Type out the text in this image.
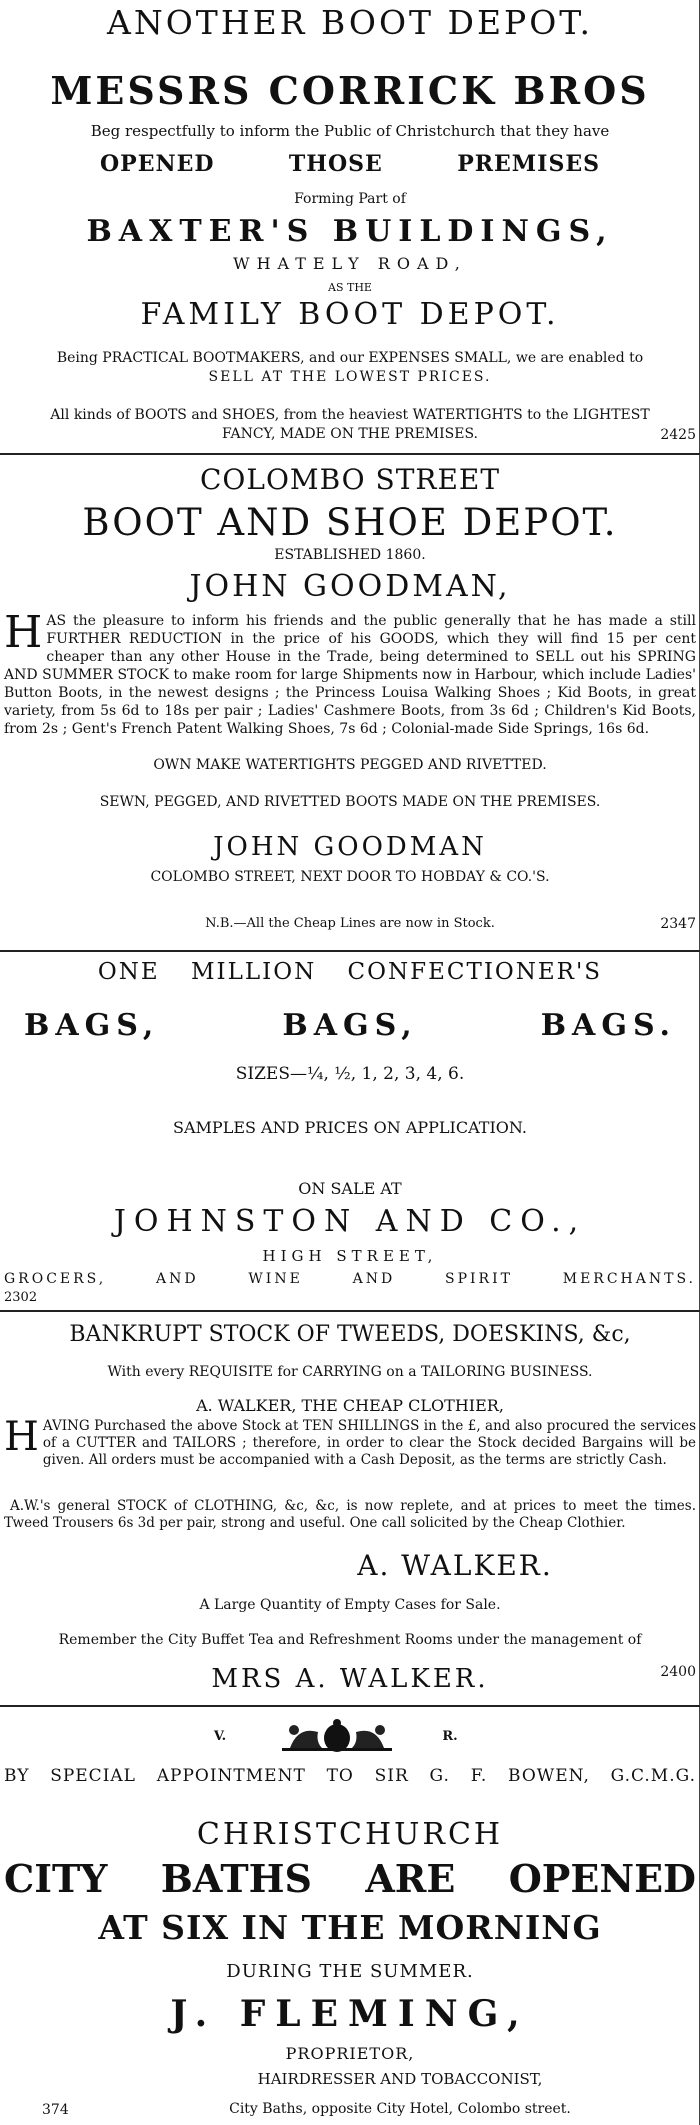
ANOTHER BOOT DEPOT.
MESSRS CORRICK BROS
Beg respectfully to inform the Public of Christchurch that they have
OPENED	THOSE	PREMISES
Forming Part of
BAXTER'S BUILDINGS,
WHATELY ROAD,
AS THE
FAMILY BOOT DEPOT.
Being PRACTICAL BOOTMAKERS, and our EXPENSES SMALL, we are enabled to
SELL AT THE LOWEST PRICES.
All kinds of BOOTS and SHOES, from the heaviest WATERTIGHTS to the LIGHTEST
FANCY, MADE ON THE PREMISES.	2425
COLOMBO STREET
BOOT AND SHOE DEPOT.
ESTABLISHED 1860.
JOHN GOODMAN,
HAS the pleasure to inform his friends and the public generally that he has made a still FURTHER REDUCTION in the price of his GOODS, which they will find 15 per cent cheaper than any other House in the Trade, being determined to SELL out his SPRING AND SUMMER STOCK to make room for large Shipments now in Harbour, which include Ladies' Button Boots, in the newest designs ; the Princess Louisa Walking Shoes ; Kid Boots, in great variety, from 5s 6d to 18s per pair ; Ladies' Cashmere Boots, from 3s 6d ; Children's Kid Boots, from 2s ; Gent's French Patent Walking Shoes, 7s 6d ; Colonial-made Side Springs, 16s 6d.
OWN MAKE WATERTIGHTS PEGGED AND RIVETTED.
SEWN, PEGGED, AND RIVETTED BOOTS MADE ON THE PREMISES.
JOHN GOODMAN
COLOMBO STREET, NEXT DOOR TO HOBDAY & CO.'S.
N.B.—All the Cheap Lines are now in Stock.	2347
ONE MILLION CONFECTIONER'S
BAGS,	BAGS,	BAGS.
SIZES—¼, ½, 1, 2, 3, 4, 6.
SAMPLES AND PRICES ON APPLICATION.
ON SALE AT
JOHNSTON AND CO.,
HIGH STREET,
GROCERS, AND WINE AND SPIRIT MERCHANTS.
2302
BANKRUPT STOCK OF TWEEDS, DOESKINS, &c,
With every REQUISITE for CARRYING on a TAILORING BUSINESS.
A. WALKER, THE CHEAP CLOTHIER,
HAVING Purchased the above Stock at TEN SHILLINGS in the £, and also procured the services of a CUTTER and TAILORS ; therefore, in order to clear the Stock decided Bargains will be given. All orders must be accompanied with a Cash Deposit, as the terms are strictly Cash.
A.W.'s general STOCK of CLOTHING, &c, &c, is now replete, and at prices to meet the times. Tweed Trousers 6s 3d per pair, strong and useful. One call solicited by the Cheap Clothier.
A. WALKER.
A Large Quantity of Empty Cases for Sale.
Remember the City Buffet Tea and Refreshment Rooms under the management of
2400
MRS A. WALKER.
V.	R.
BY SPECIAL APPOINTMENT TO SIR G. F. BOWEN, G.C.M.G.
CHRISTCHURCH
CITY BATHS ARE OPENED
AT SIX IN THE MORNING
DURING THE SUMMER.
J. FLEMING,
PROPRIETOR,
HAIRDRESSER AND TOBACCONIST,
374	City Baths, opposite City Hotel, Colombo street.
